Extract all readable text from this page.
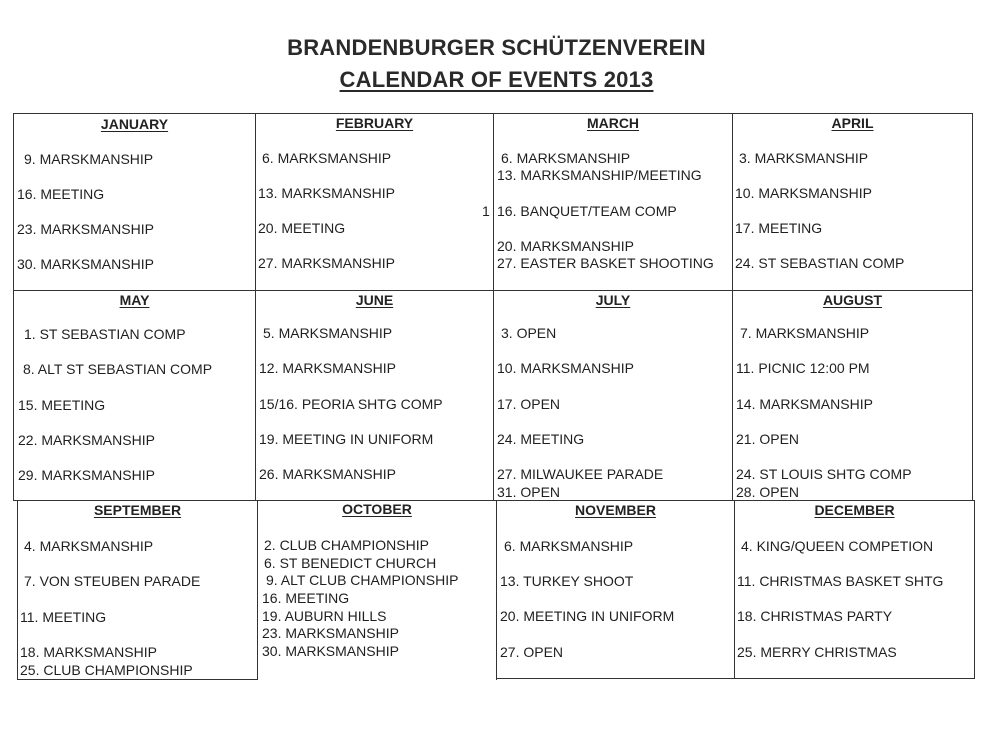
BRANDENBURGER SCHÜTZENVEREIN
CALENDAR OF EVENTS 2013
JANUARY
9. MARSKMANSHIP
16. MEETING
23. MARKSMANSHIP
30. MARKSMANSHIP
FEBRUARY
6. MARKSMANSHIP
13. MARKSMANSHIP
20. MEETING
27. MARKSMANSHIP
MARCH
6. MARKSMANSHIP
13. MARKSMANSHIP/MEETING
1 16. BANQUET/TEAM COMP
20. MARKSMANSHIP
27. EASTER BASKET SHOOTING
APRIL
3. MARKSMANSHIP
10. MARKSMANSHIP
17. MEETING
24. ST SEBASTIAN COMP
MAY
1. ST SEBASTIAN COMP
8. ALT ST SEBASTIAN COMP
15. MEETING
22. MARKSMANSHIP
29. MARKSMANSHIP
JUNE
5. MARKSMANSHIP
12. MARKSMANSHIP
15/16. PEORIA SHTG COMP
19. MEETING IN UNIFORM
26. MARKSMANSHIP
JULY
3. OPEN
10. MARKSMANSHIP
17. OPEN
24. MEETING
27. MILWAUKEE PARADE
31. OPEN
AUGUST
7. MARKSMANSHIP
11. PICNIC 12:00 PM
14. MARKSMANSHIP
21. OPEN
24. ST LOUIS SHTG COMP
28. OPEN
SEPTEMBER
4. MARKSMANSHIP
7. VON STEUBEN PARADE
11. MEETING
18. MARKSMANSHIP
25. CLUB CHAMPIONSHIP
OCTOBER
2. CLUB CHAMPIONSHIP
6. ST BENEDICT CHURCH
9. ALT CLUB CHAMPIONSHIP
16. MEETING
19. AUBURN HILLS
23. MARKSMANSHIP
30. MARKSMANSHIP
NOVEMBER
6. MARKSMANSHIP
13. TURKEY SHOOT
20. MEETING IN UNIFORM
27. OPEN
DECEMBER
4. KING/QUEEN COMPETION
11. CHRISTMAS BASKET SHTG
18. CHRISTMAS PARTY
25. MERRY CHRISTMAS
